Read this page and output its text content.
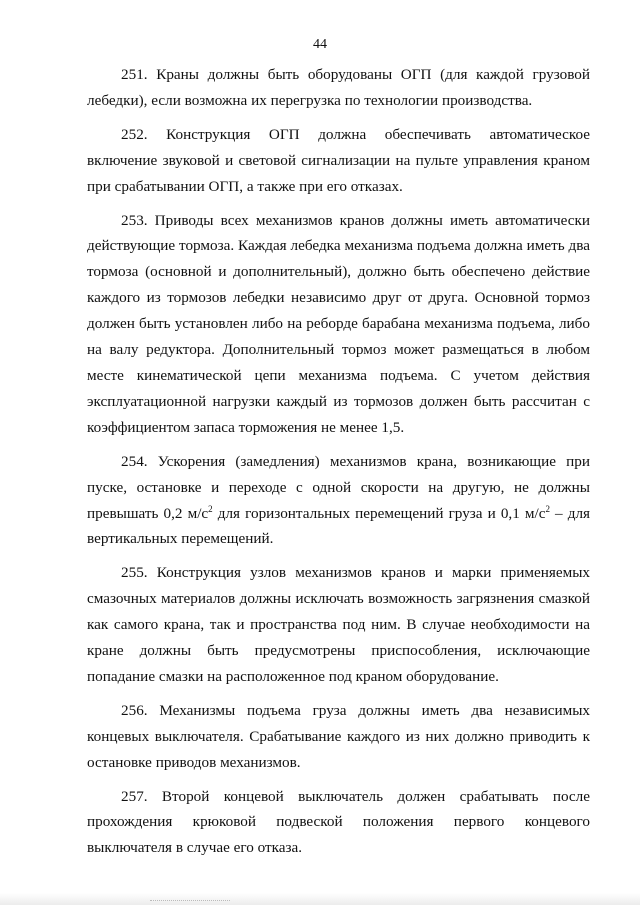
44

251. Краны должны быть оборудованы ОГП (для каждой грузовой лебедки), если возможна их перегрузка по технологии производства.

252. Конструкция ОГП должна обеспечивать автоматическое включение звуковой и световой сигнализации на пульте управления краном при срабатывании ОГП, а также при его отказах.

253. Приводы всех механизмов кранов должны иметь автоматически действующие тормоза. Каждая лебедка механизма подъема должна иметь два тормоза (основной и дополнительный), должно быть обеспечено действие каждого из тормозов лебедки независимо друг от друга. Основной тормоз должен быть установлен либо на реборде барабана механизма подъема, либо на валу редуктора. Дополнительный тормоз может размещаться в любом месте кинематической цепи механизма подъема. С учетом действия эксплуатационной нагрузки каждый из тормозов должен быть рассчитан с коэффициентом запаса торможения не менее 1,5.

254. Ускорения (замедления) механизмов крана, возникающие при пуске, остановке и переходе с одной скорости на другую, не должны превышать 0,2 $м/с^2$ для горизонтальных перемещений груза и 0,1 $м/с^2$ – для вертикальных перемещений.

255. Конструкция узлов механизмов кранов и марки применяемых смазочных материалов должны исключать возможность загрязнения смазкой как самого крана, так и пространства под ним. В случае необходимости на кране должны быть предусмотрены приспособления, исключающие попадание смазки на расположенное под краном оборудование.

256. Механизмы подъема груза должны иметь два независимых концевых выключателя. Срабатывание каждого из них должно приводить к остановке приводов механизмов.

257. Второй концевой выключатель должен срабатывать после прохождения крюковой подвеской положения первого концевого выключателя в случае его отказа.
